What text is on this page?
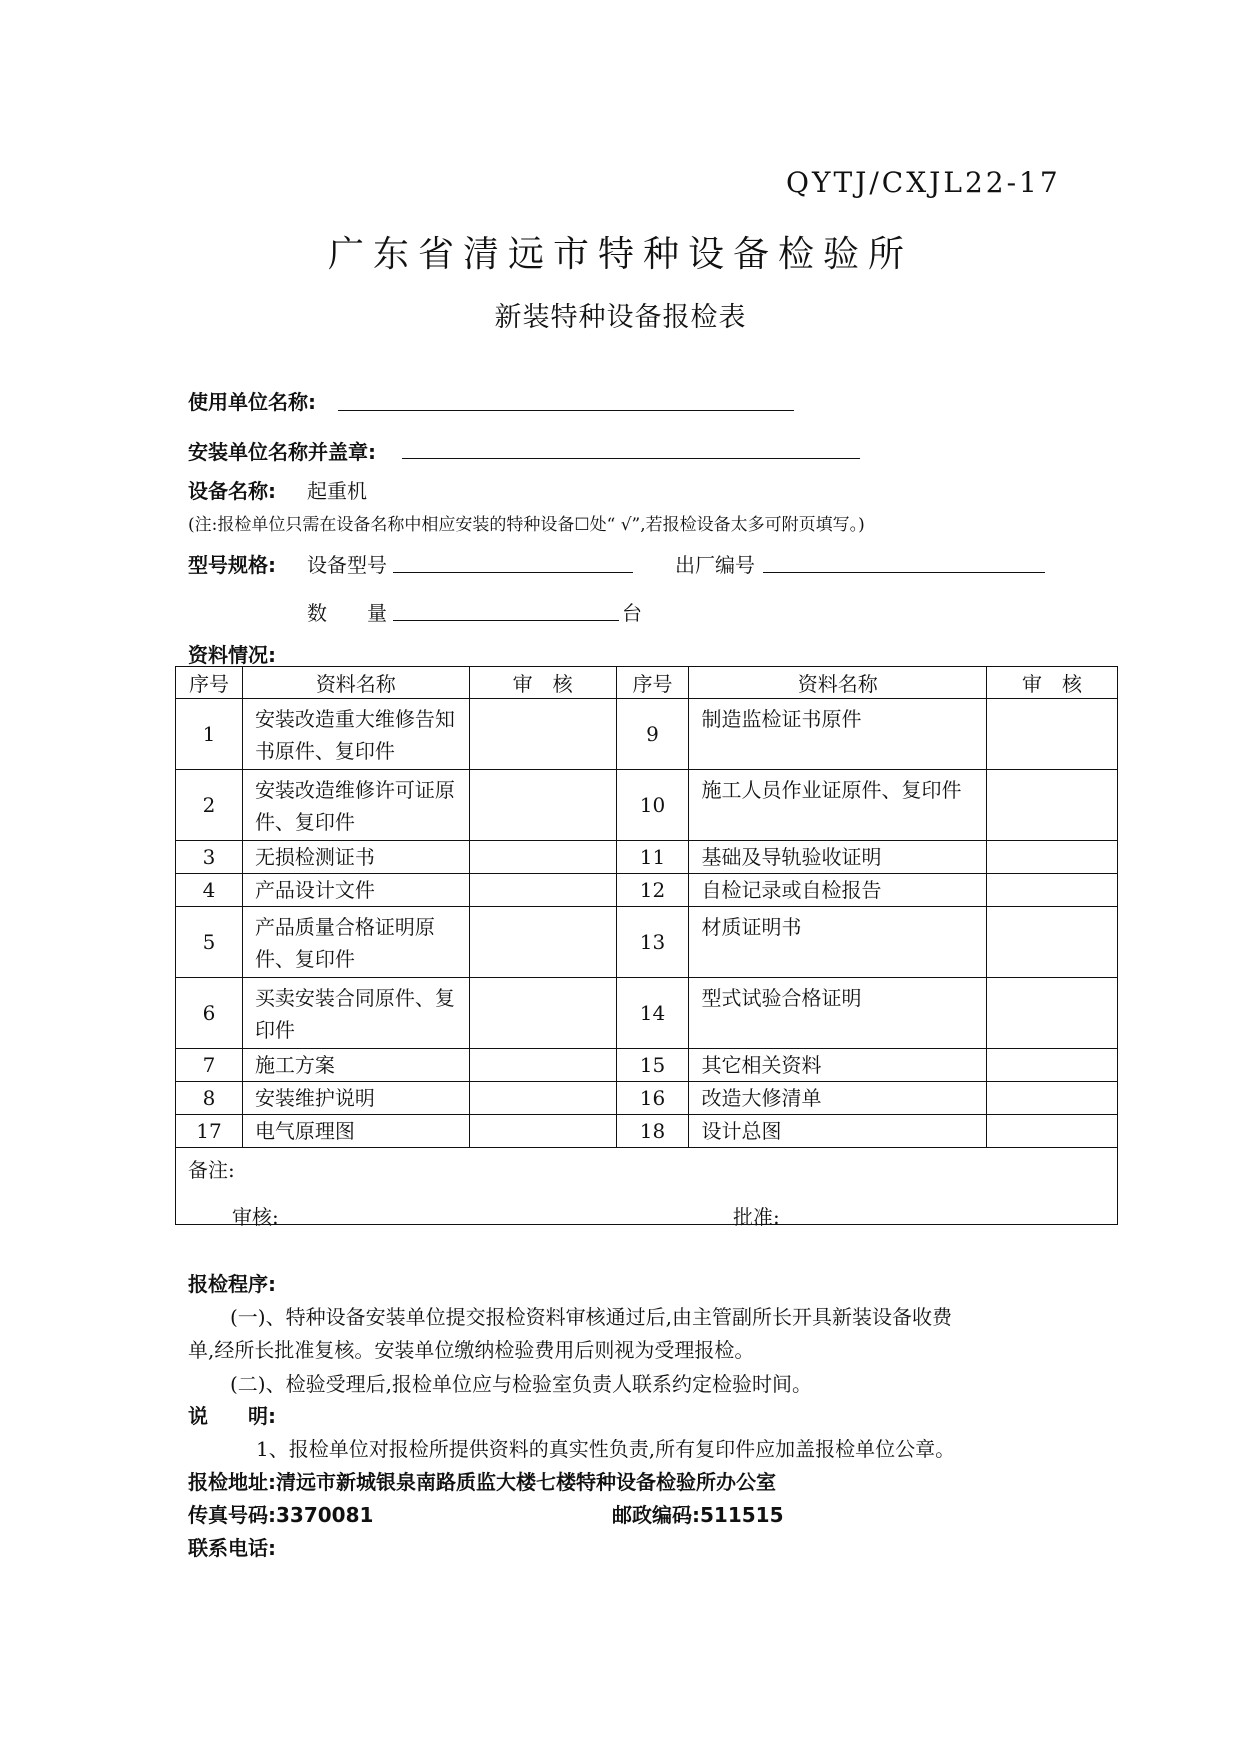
QYTJ/CXJL22-17
广东省清远市特种设备检验所
新装特种设备报检表
使用单位名称:
安装单位名称并盖章:
设备名称: 起重机
(注:报检单位只需在设备名称中相应安装的特种设备☐处“ √”,若报检设备太多可附页填写。)
型号规格: 设备型号	出厂编号
数　　量	台
资料情况:
序号	资料名称	审　核	序号	资料名称	审　核
1	安装改造重大维修告知书原件、复印件		9	制造监检证书原件	
2	安装改造维修许可证原件、复印件		10	施工人员作业证原件、复印件	
3	无损检测证书		11	基础及导轨验收证明	
4	产品设计文件		12	自检记录或自检报告	
5	产品质量合格证明原件、复印件		13	材质证明书	
6	买卖安装合同原件、复印件		14	型式试验合格证明	
7	施工方案		15	其它相关资料	
8	安装维护说明		16	改造大修清单	
17	电气原理图		18	设计总图	
备注:					
审核:	批准:
报检程序:
(一)、特种设备安装单位提交报检资料审核通过后,由主管副所长开具新装设备收费
单,经所长批准复核。安装单位缴纳检验费用后则视为受理报检。
(二)、检验受理后,报检单位应与检验室负责人联系约定检验时间。
说　　明:
1、报检单位对报检所提供资料的真实性负责,所有复印件应加盖报检单位公章。
报检地址:清远市新城银泉南路质监大楼七楼特种设备检验所办公室
传真号码:3370081	邮政编码:511515
联系电话:
